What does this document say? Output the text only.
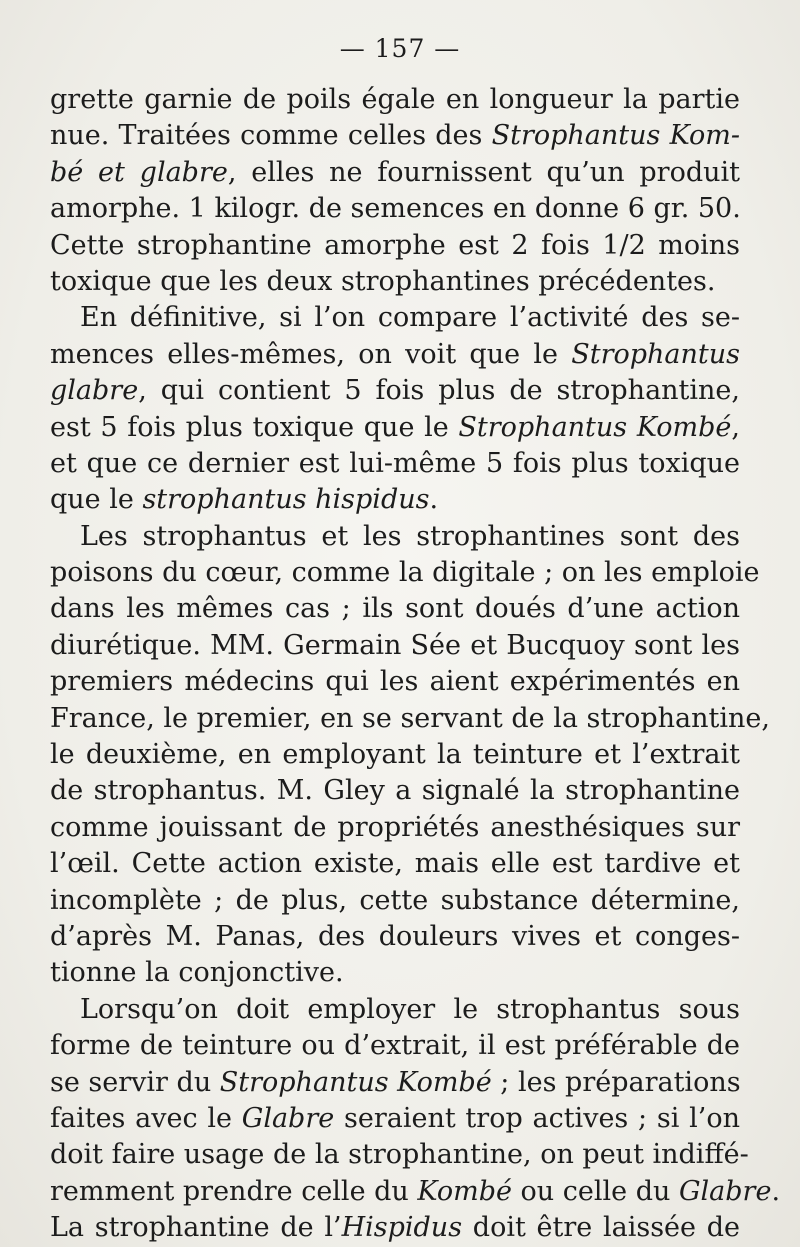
— 157 —
grette garnie de poils égale en longueur la partie
nue. Traitées comme celles des Strophantus Kom-
bé et glabre, elles ne fournissent qu’un produit
amorphe. 1 kilogr. de semences en donne 6 gr. 50.
Cette strophantine amorphe est 2 fois 1/2 moins
toxique que les deux strophantines précédentes.
En définitive, si l’on compare l’activité des se-
mences elles-mêmes, on voit que le Strophantus
glabre, qui contient 5 fois plus de strophantine,
est 5 fois plus toxique que le Strophantus Kombé,
et que ce dernier est lui-même 5 fois plus toxique
que le strophantus hispidus.
Les strophantus et les strophantines sont des
poisons du cœur, comme la digitale ; on les emploie
dans les mêmes cas ; ils sont doués d’une action
diurétique. MM. Germain Sée et Bucquoy sont les
premiers médecins qui les aient expérimentés en
France, le premier, en se servant de la strophantine,
le deuxième, en employant la teinture et l’extrait
de strophantus. M. Gley a signalé la strophantine
comme jouissant de propriétés anesthésiques sur
l’œil. Cette action existe, mais elle est tardive et
incomplète ; de plus, cette substance détermine,
d’après M. Panas, des douleurs vives et conges-
tionne la conjonctive.
Lorsqu’on doit employer le strophantus sous
forme de teinture ou d’extrait, il est préférable de
se servir du Strophantus Kombé ; les préparations
faites avec le Glabre seraient trop actives ; si l’on
doit faire usage de la strophantine, on peut indiffé-
remment prendre celle du Kombé ou celle du Glabre.
La strophantine de l’Hispidus doit être laissée de
